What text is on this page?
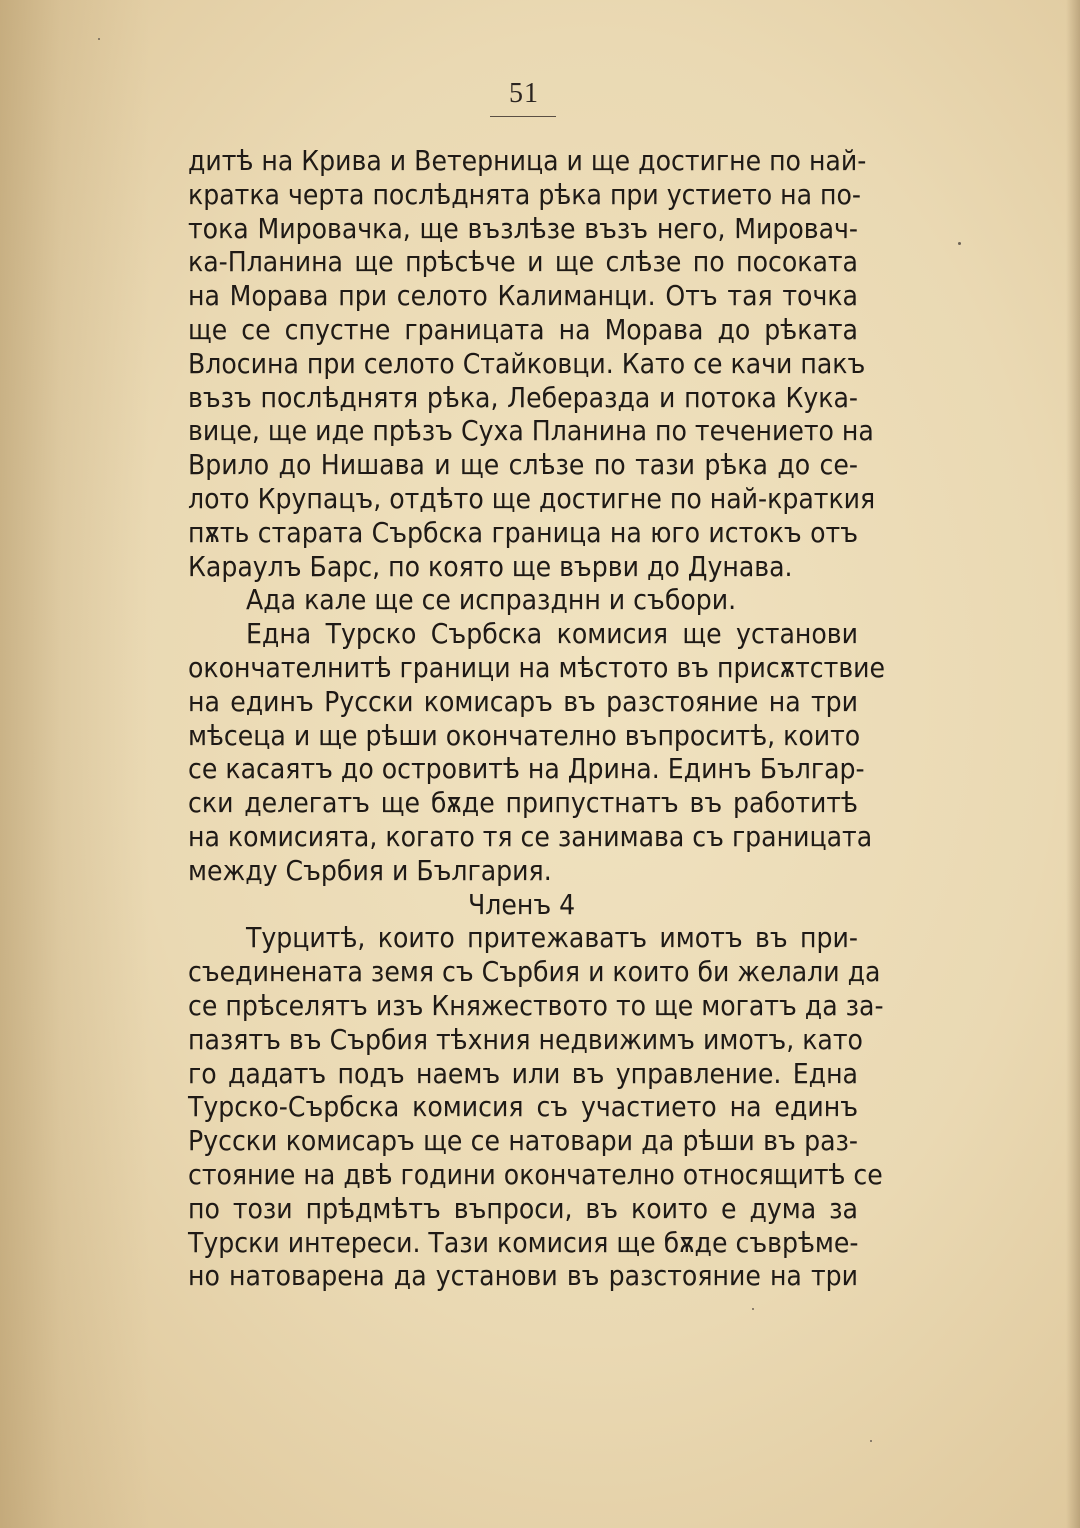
51
дитѣ на Крива и Ветерница и ще достигне по най-
кратка черта послѣднята рѣка при устието на по-
тока Мировачка, ще възлѣзе възъ него, Мировач-
ка-Планина ще прѣсѣче и ще слѣзе по посоката
на Морава при селото Калиманци. Отъ тая точка
ще се спустне границата на Морава до рѣката
Влосина при селото Стайковци. Като се качи пакъ
възъ послѣднятя рѣка, Леберазда и потока Кука-
вице, ще иде прѣзъ Суха Планина по течението на
Врило до Нишава и ще слѣзе по тази рѣка до се-
лото Крупацъ, отдѣто ще достигне по най-краткия
пѫть старата Сърбска граница на юго истокъ отъ
Караулъ Барс, по която ще върви до Дунава.
Ада кале ще се испразднн и събори.
Една Турско Сърбска комисия ще установи
окончателнитѣ граници на мѣстото въ присѫтствие
на единъ Русски комисаръ въ разстояние на три
мѣсеца и ще рѣши окончателно въпроситѣ, които
се касаятъ до островитѣ на Дрина. Единъ Българ-
ски делегатъ ще бѫде припустнатъ въ работитѣ
на комисията, когато тя се занимава съ границата
между Сърбия и България.
Членъ 4
Турцитѣ, които притежаватъ имотъ въ при-
съединената земя съ Сърбия и които би желали да
се прѣселятъ изъ Княжеството то ще могатъ да за-
пазятъ въ Сърбия тѣхния недвижимъ имотъ, като
го дадатъ подъ наемъ или въ управление. Една
Турско-Сърбска комисия съ участието на единъ
Русски комисаръ ще се натовари да рѣши въ раз-
стояние на двѣ години окончателно относящитѣ се
по този прѣдмѣтъ въпроси, въ които е дума за
Турски интереси. Тази комисия ще бѫде съврѣме-
но натоварена да установи въ разстояние на три
